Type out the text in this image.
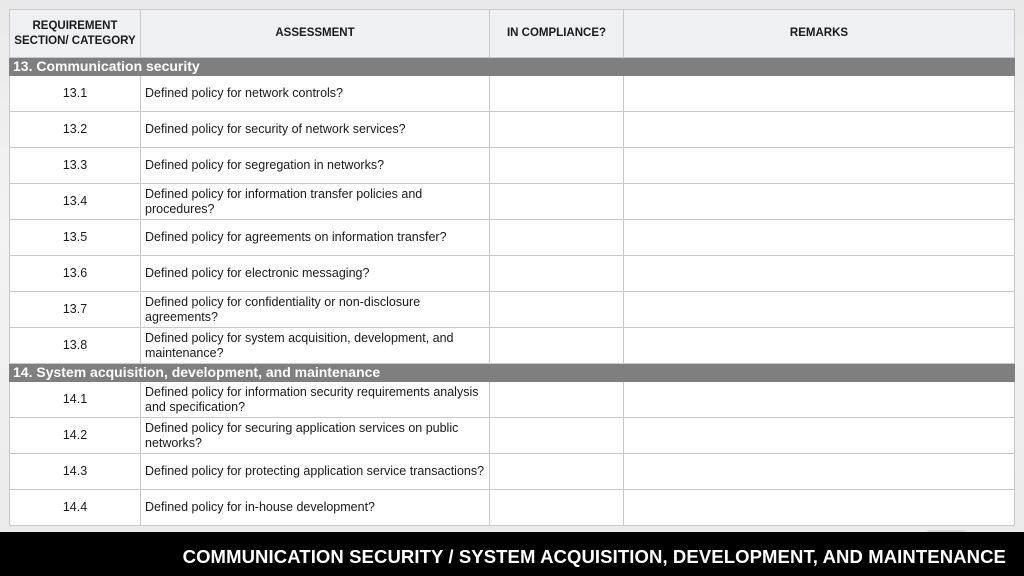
REQUIREMENT SECTION/ CATEGORY	ASSESSMENT	IN COMPLIANCE?	REMARKS
13. Communication security			
13.1	Defined policy for network controls?		
13.2	Defined policy for security of network services?		
13.3	Defined policy for segregation in networks?		
13.4	Defined policy for information transfer policies and procedures?		
13.5	Defined policy for agreements on information transfer?		
13.6	Defined policy for electronic messaging?		
13.7	Defined policy for confidentiality or non-disclosure agreements?		
13.8	Defined policy for system acquisition, development, and maintenance?		
14. System acquisition, development, and maintenance			
14.1	Defined policy for information security requirements analysis and specification?		
14.2	Defined policy for securing application services on public networks?		
14.3	Defined policy for protecting application service transactions?		
14.4	Defined policy for in-house development?		
COMMUNICATION SECURITY / SYSTEM ACQUISITION, DEVELOPMENT, AND MAINTENANCE
